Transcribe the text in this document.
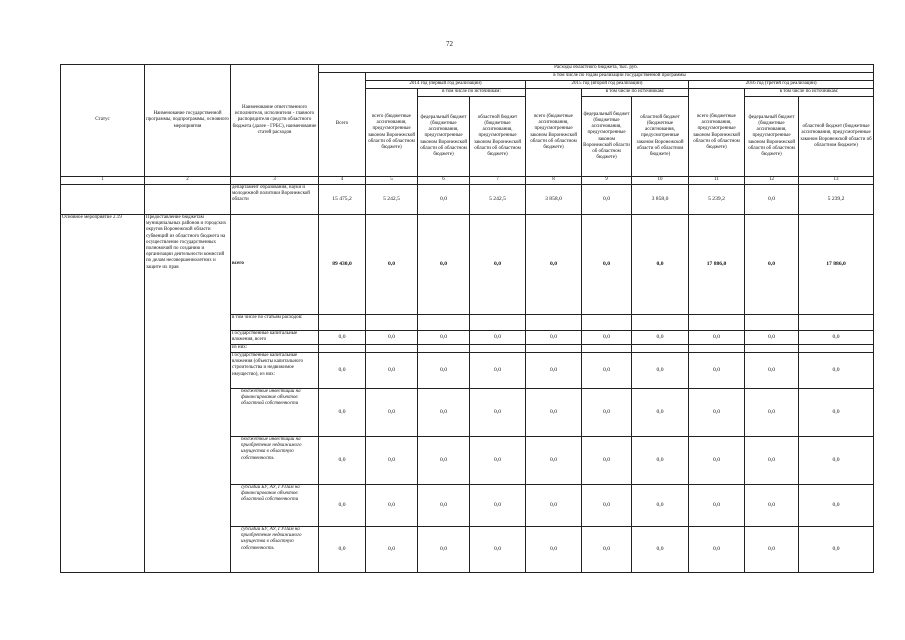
72
Статус	Наименование государственной программы, подпрограммы, основного мероприятия	Наименование ответственного исполнителя, исполнителя - главного распорядителя средств областного бюджета (далее - ГРБС), наименование статей расходов	Расходы областного бюджета, тыс. руб.									
			Всего	в том числе по годам реализации государственной программы								
				2014 год (первый год реализации)			2015 год (второй год реализации)			2016 год (третий год реализации)		
				всего (бюджетные ассигнования, предусмотренные законом Воронежской области об областном бюджете)	в том числе по источникам:		всего (бюджетные ассигнования, предусмотренные законом Воронежской области об областном бюджете)	в том числе по источникам:		всего (бюджетные ассигнования, предусмотренные законом Воронежской области об областном бюджете)	в том числе по источникам:	
					федеральный бюджет (бюджетные ассигнования, предусмотренные законом Воронежской области об областном бюджете)	областной бюджет (бюджетные ассигнования, предусмотренные законом Воронежской области об областном бюджете)		федеральный бюджет (бюджетные ассигнования, предусмотренные законом Воронежской области об областном бюджете)	областной бюджет (бюджетные ассигнования, предусмотренные законом Воронежской области об областном бюджете)		федеральный бюджет (бюджетные ассигнования, предусмотренные законом Воронежской области об областном бюджете)	областной бюджет (бюджетные ассигнования, предусмотренные законом Воронежской области об областном бюджете)
1	2	3	4	5	6	7	8	9	10	11	12	13
		департамент образования, науки и молодежной политики Воронежской области	15 475,2	5 242,5	0,0	5 242,5	3 858,0	0,0	3 858,0	5 239,2	0,0	5 239,2
Основное мероприятие 2.19	Предоставление бюджетам муниципальных районов и городских округов Воронежской области субвенций из областного бюджета на осуществление государственных полномочий по созданию и организации деятельности комиссий по делам несовершеннолетних и защите их прав	всего	89 430,0	0,0	0,0	0,0	0,0	0,0	0,0	17 886,0	0,0	17 886,0
		в том числе по статьям расходов:										
		Государственные капитальные вложения, всего	0,0	0,0	0,0	0,0	0,0	0,0	0,0	0,0	0,0	0,0
		из них:										
		Государственные капитальные вложения (объекты капитального строительства и недвижимое имущество), из них:	0,0	0,0	0,0	0,0	0,0	0,0	0,0	0,0	0,0	0,0
		бюджетные инвестиции на финансирование объектов областной собственности	0,0	0,0	0,0	0,0	0,0	0,0	0,0	0,0	0,0	0,0
		бюджетные инвестиции на приобретение недвижимого имущества в областную собственность	0,0	0,0	0,0	0,0	0,0	0,0	0,0	0,0	0,0	0,0
		субсидии БУ, АУ, ГУПам на финансирование объектов областной собственности	0,0	0,0	0,0	0,0	0,0	0,0	0,0	0,0	0,0	0,0
		субсидии БУ, АУ, ГУПам на приобретение недвижимого имущества в областную собственность	0,0	0,0	0,0	0,0	0,0	0,0	0,0	0,0	0,0	0,0
